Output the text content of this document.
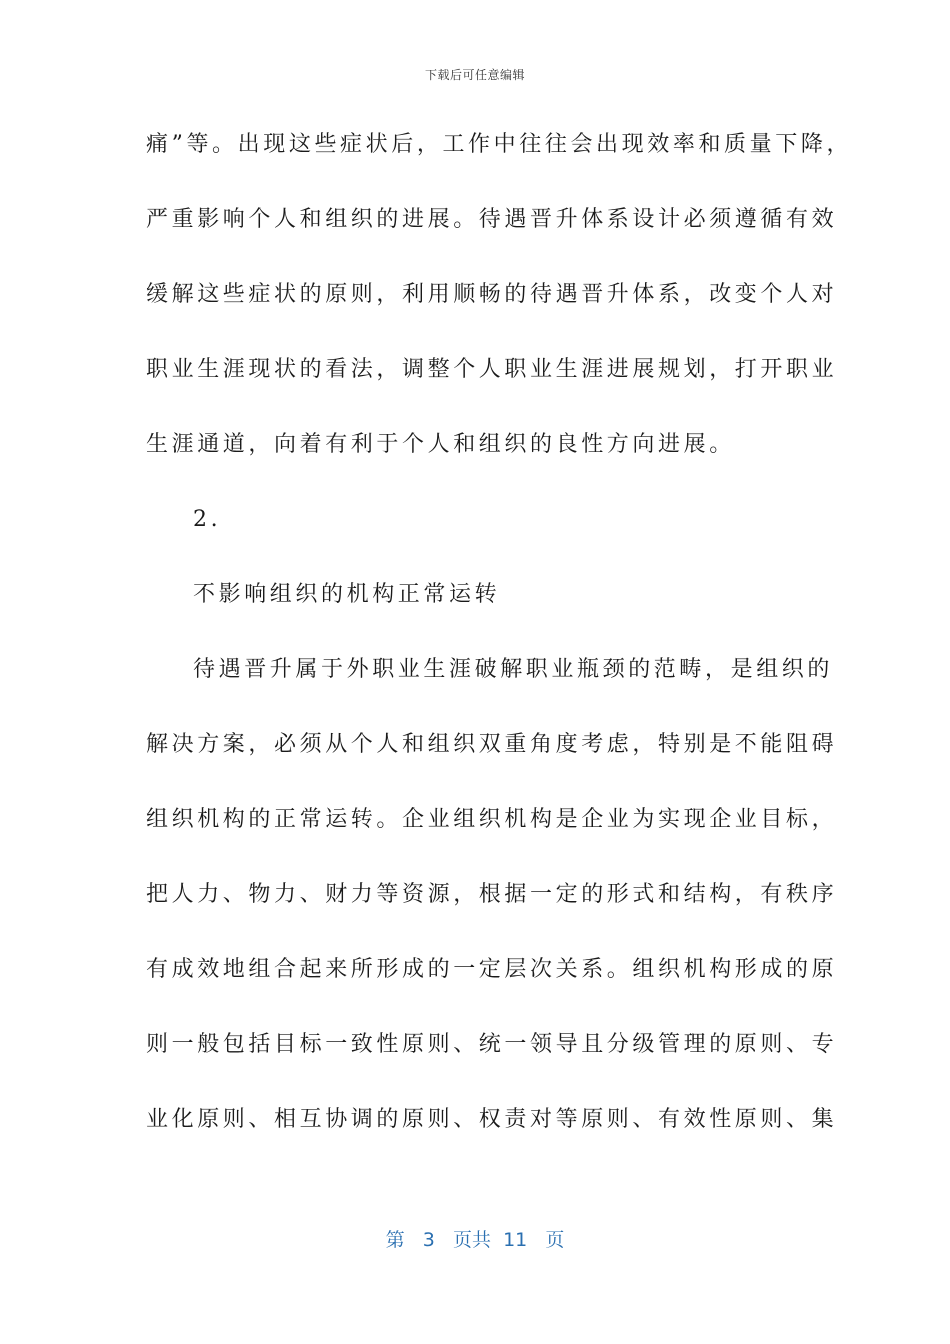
下载后可任意编辑
痛”等。出现这些症状后，工作中往往会出现效率和质量下降，
严重影响个人和组织的进展。待遇晋升体系设计必须遵循有效
缓解这些症状的原则，利用顺畅的待遇晋升体系，改变个人对
职业生涯现状的看法，调整个人职业生涯进展规划，打开职业
生涯通道，向着有利于个人和组织的良性方向进展。
2.
不影响组织的机构正常运转
待遇晋升属于外职业生涯破解职业瓶颈的范畴，是组织的
解决方案，必须从个人和组织双重角度考虑，特别是不能阻碍
组织机构的正常运转。企业组织机构是企业为实现企业目标，
把人力、物力、财力等资源，根据一定的形式和结构，有秩序
有成效地组合起来所形成的一定层次关系。组织机构形成的原
则一般包括目标一致性原则、统一领导且分级管理的原则、专
业化原则、相互协调的原则、权责对等原则、有效性原则、集
第 3 页共 11 页
